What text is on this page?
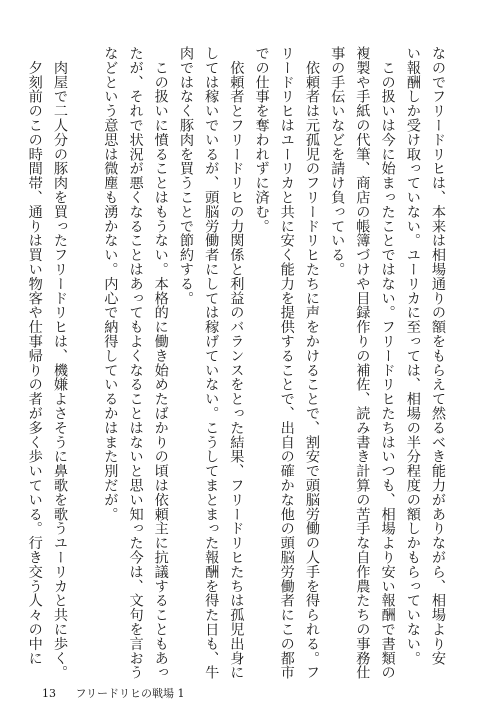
なのでフリードリヒは、本来は相場通りの額をもらえて然るべき能力がありながら、相場より安
い報酬しか受け取っていない。ユーリカに至っては、相場の半分程度の額しかもらっていない。
　この扱いは今に始まったことではない。フリードリヒたちはいつも、相場より安い報酬で書類の
複製や手紙の代筆、商店の帳簿づけや目録作りの補佐、読み書き計算の苦手な自作農たちの事務仕
事の手伝いなどを請け負っている。
　依頼者は元孤児のフリードリヒたちに声をかけることで、割安で頭脳労働の人手を得られる。フ
リードリヒはユーリカと共に安く能力を提供することで、出自の確かな他の頭脳労働者にこの都市
での仕事を奪われずに済む。
　依頼者とフリードリヒの力関係と利益のバランスをとった結果、フリードリヒたちは孤児出身に
しては稼いでいるが、頭脳労働者にしては稼げていない。こうしてまとまった報酬を得た日も、牛
肉ではなく豚肉を買うことで節約する。
　この扱いに憤ることはもうない。本格的に働き始めたばかりの頃は依頼主に抗議することもあっ
たが、それで状況が悪くなることはあってもよくなることはないと思い知った今は、文句を言おう
などという意思は微塵も湧かない。内心で納得しているかはまた別だが。
　肉屋で二人分の豚肉を買ったフリードリヒは、機嫌よさそうに鼻歌を歌うユーリカと共に歩く。
　夕刻前のこの時間帯、通りは買い物客や仕事帰りの者が多く歩いている。行き交う人々の中に
13 フリードリヒの戦場 1
